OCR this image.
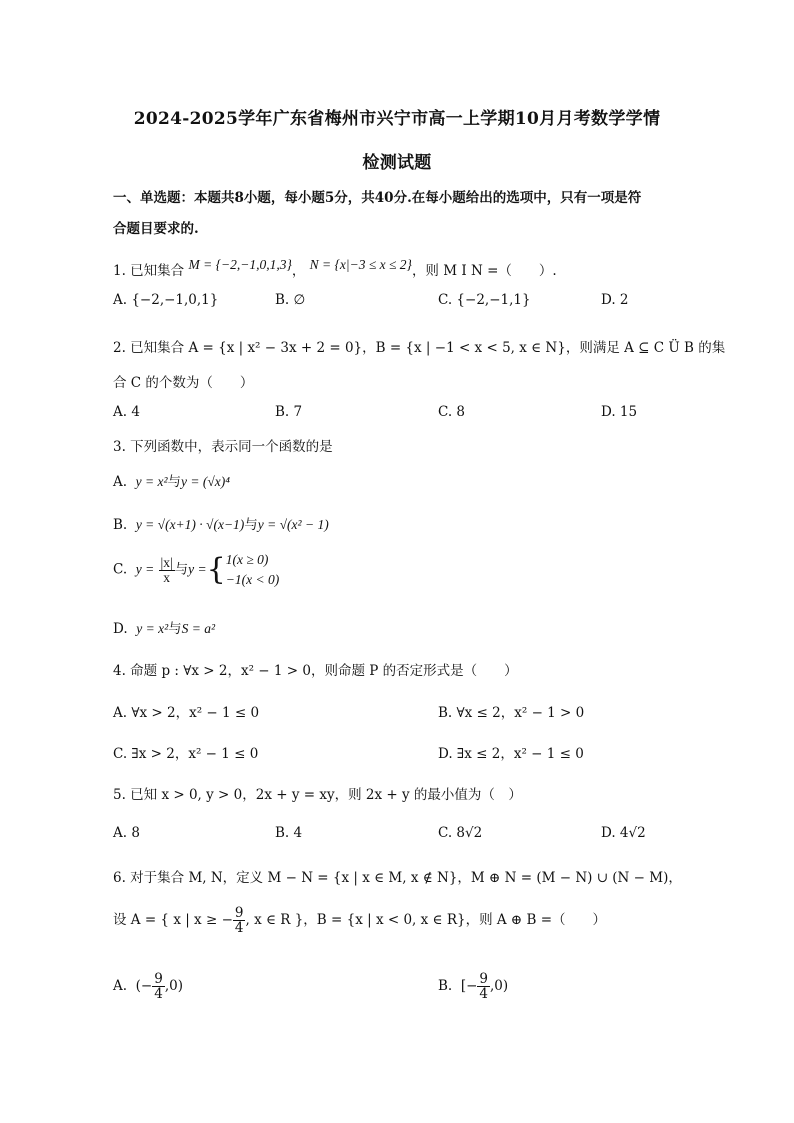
2024-2025学年广东省梅州市兴宁市高一上学期10月月考数学学情
检测试题
一、单选题：本题共8小题，每小题5分，共40分.在每小题给出的选项中，只有一项是符
合题目要求的.
1. 已知集合 M = {−2,−1,0,1,3}， N = {x|−3 ≤ x ≤ 2}，则 M I N =（　　）.
A. {−2,−1,0,1}	B. ∅	C. {−2,−1,1}	D. 2
2. 已知集合 A = {x | x² − 3x + 2 = 0}，B = {x | −1 < x < 5, x ∈ N}，则满足 A ⊆ C Ü B 的集
合 C 的个数为（　　）
A. 4	B. 7	C. 8	D. 15
3. 下列函数中，表示同一个函数的是
A. y = x²与y = (√x)⁴
B. y = √(x+1) · √(x−1)与y = √(x² − 1)
C. $y = \frac{|x|}{x}$ 与y ={ 1(x ≥ 0)
−1(x < 0)
D. y = x²与S = a²
4. 命题 p : ∀x > 2，x² − 1 > 0，则命题 P 的否定形式是（　　）
A. ∀x > 2，x² − 1 ≤ 0	B. ∀x ≤ 2，x² − 1 > 0
C. ∃x > 2，x² − 1 ≤ 0	D. ∃x ≤ 2，x² − 1 ≤ 0
5. 已知 x > 0, y > 0，2x + y = xy，则 2x + y 的最小值为（　）
A. 8	B. 4	C. 8√2	D. 4√2
6. 对于集合 M, N，定义 M − N = {x | x ∈ M, x ∉ N}，M ⊕ N = (M − N) ∪ (N − M)，
设 A = { x | x ≥ − $\frac{9}{4}$ , x ∈ R }，B = {x | x < 0, x ∈ R}，则 A ⊕ B =（　　）
A. (− $\frac{9}{4} ,0$)	B. [− $\frac{9}{4} ,0$)
